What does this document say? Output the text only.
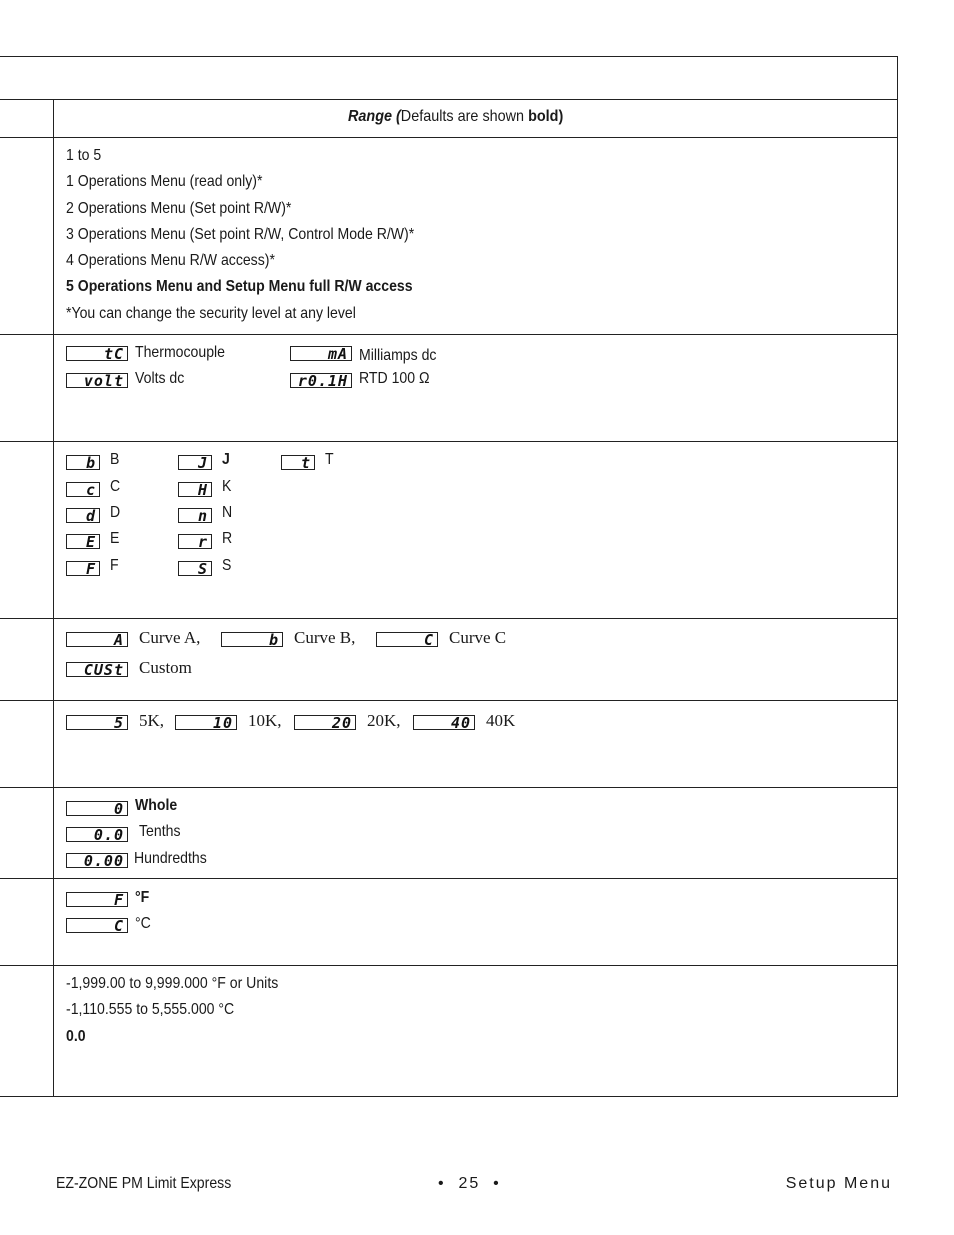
Range (Defaults are shown bold)
1 to 5
1 Operations Menu (read only)*
2 Operations Menu (Set point R/W)*
3 Operations Menu (Set point R/W, Control Mode R/W)*
4 Operations Menu R/W access)*
5 Operations Menu and Setup Menu full R/W access
*You can change the security level at any level
tC Thermocouple	mA Milliamps dc
volt Volts dc	r0.1H RTD 100 Ω
b B	J J	t T
c C	H K
d D	n N
E E	r R
F F	S S
A Curve A,	b Curve B,	C Curve C
CUSt Custom
5 5K,	10 10K,	20 20K,	40 40K
0 Whole
0.0 Tenths
0.00 Hundredths
F °F
C °C
-1,999.00 to 9,999.000 °F or Units
-1,110.555 to 5,555.000 °C
0.0
EZ-ZONE PM Limit Express	•  25  •	Setup Menu
